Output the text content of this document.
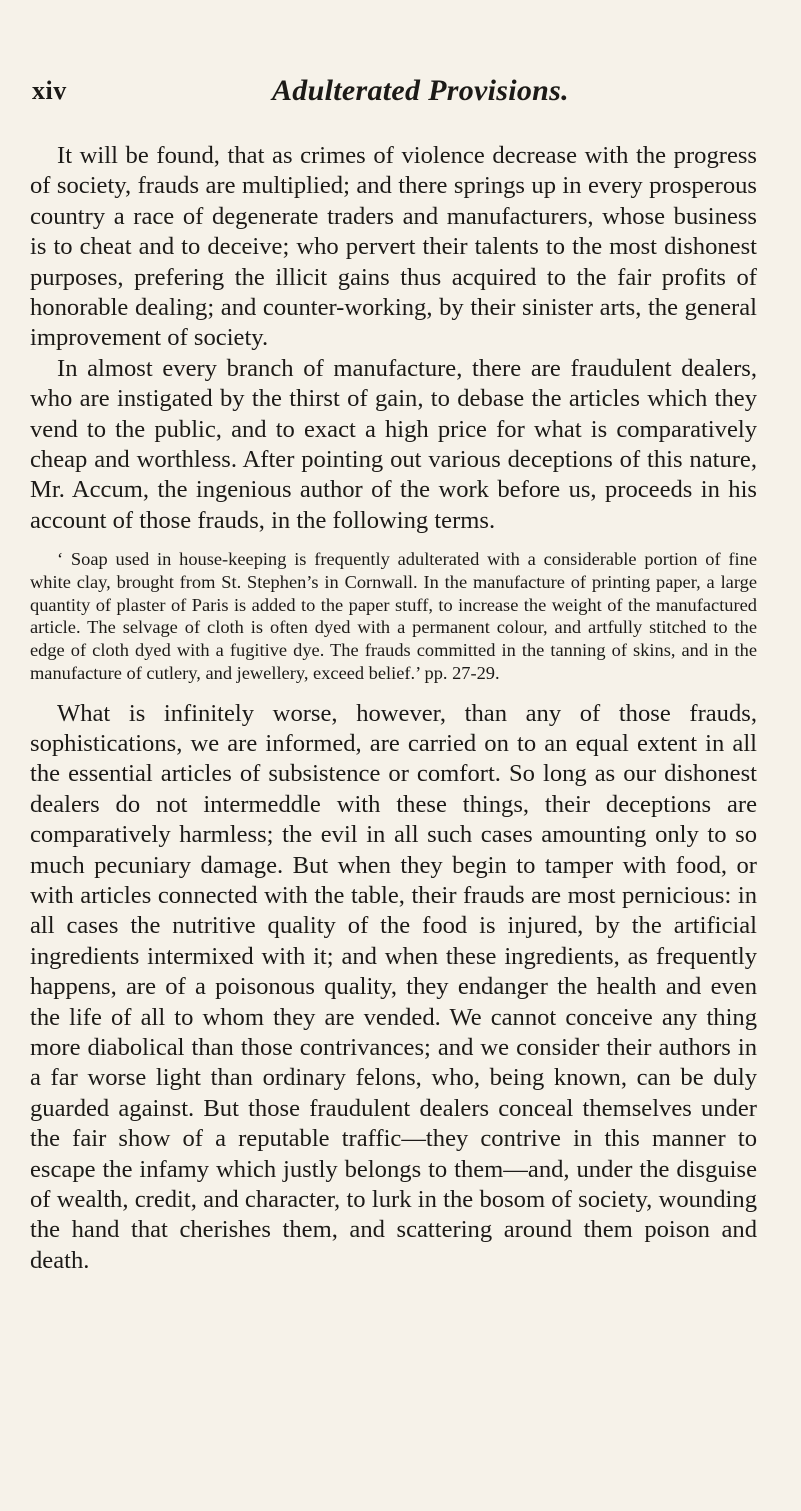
xiv	Adulterated Provisions.

It will be found, that as crimes of violence decrease with the progress of society, frauds are multiplied; and there springs up in every prosperous country a race of degenerate traders and manufacturers, whose business is to cheat and to deceive; who pervert their talents to the most dishonest purposes, prefering the illicit gains thus acquired to the fair profits of honorable dealing; and counter-working, by their sinister arts, the general improvement of society.

In almost every branch of manufacture, there are fraudulent dealers, who are instigated by the thirst of gain, to debase the articles which they vend to the public, and to exact a high price for what is comparatively cheap and worthless. After pointing out various deceptions of this nature, Mr. Accum, the ingenious author of the work before us, proceeds in his account of those frauds, in the following terms.

‘ Soap used in house-keeping is frequently adulterated with a considerable portion of fine white clay, brought from St. Stephen’s in Cornwall. In the manufacture of printing paper, a large quantity of plaster of Paris is added to the paper stuff, to increase the weight of the manufactured article. The selvage of cloth is often dyed with a permanent colour, and artfully stitched to the edge of cloth dyed with a fugitive dye. The frauds committed in the tanning of skins, and in the manufacture of cutlery, and jewellery, exceed belief.’ pp. 27-29.

What is infinitely worse, however, than any of those frauds, sophistications, we are informed, are carried on to an equal extent in all the essential articles of subsistence or comfort. So long as our dishonest dealers do not intermeddle with these things, their deceptions are comparatively harmless; the evil in all such cases amounting only to so much pecuniary damage. But when they begin to tamper with food, or with articles connected with the table, their frauds are most pernicious: in all cases the nutritive quality of the food is injured, by the artificial ingredients intermixed with it; and when these ingredients, as frequently happens, are of a poisonous quality, they endanger the health and even the life of all to whom they are vended. We cannot conceive any thing more diabolical than those contrivances; and we consider their authors in a far worse light than ordinary felons, who, being known, can be duly guarded against. But those fraudulent dealers conceal themselves under the fair show of a reputable traffic—they contrive in this manner to escape the infamy which justly belongs to them—and, under the disguise of wealth, credit, and character, to lurk in the bosom of society, wounding the hand that cherishes them, and scattering around them poison and death.
